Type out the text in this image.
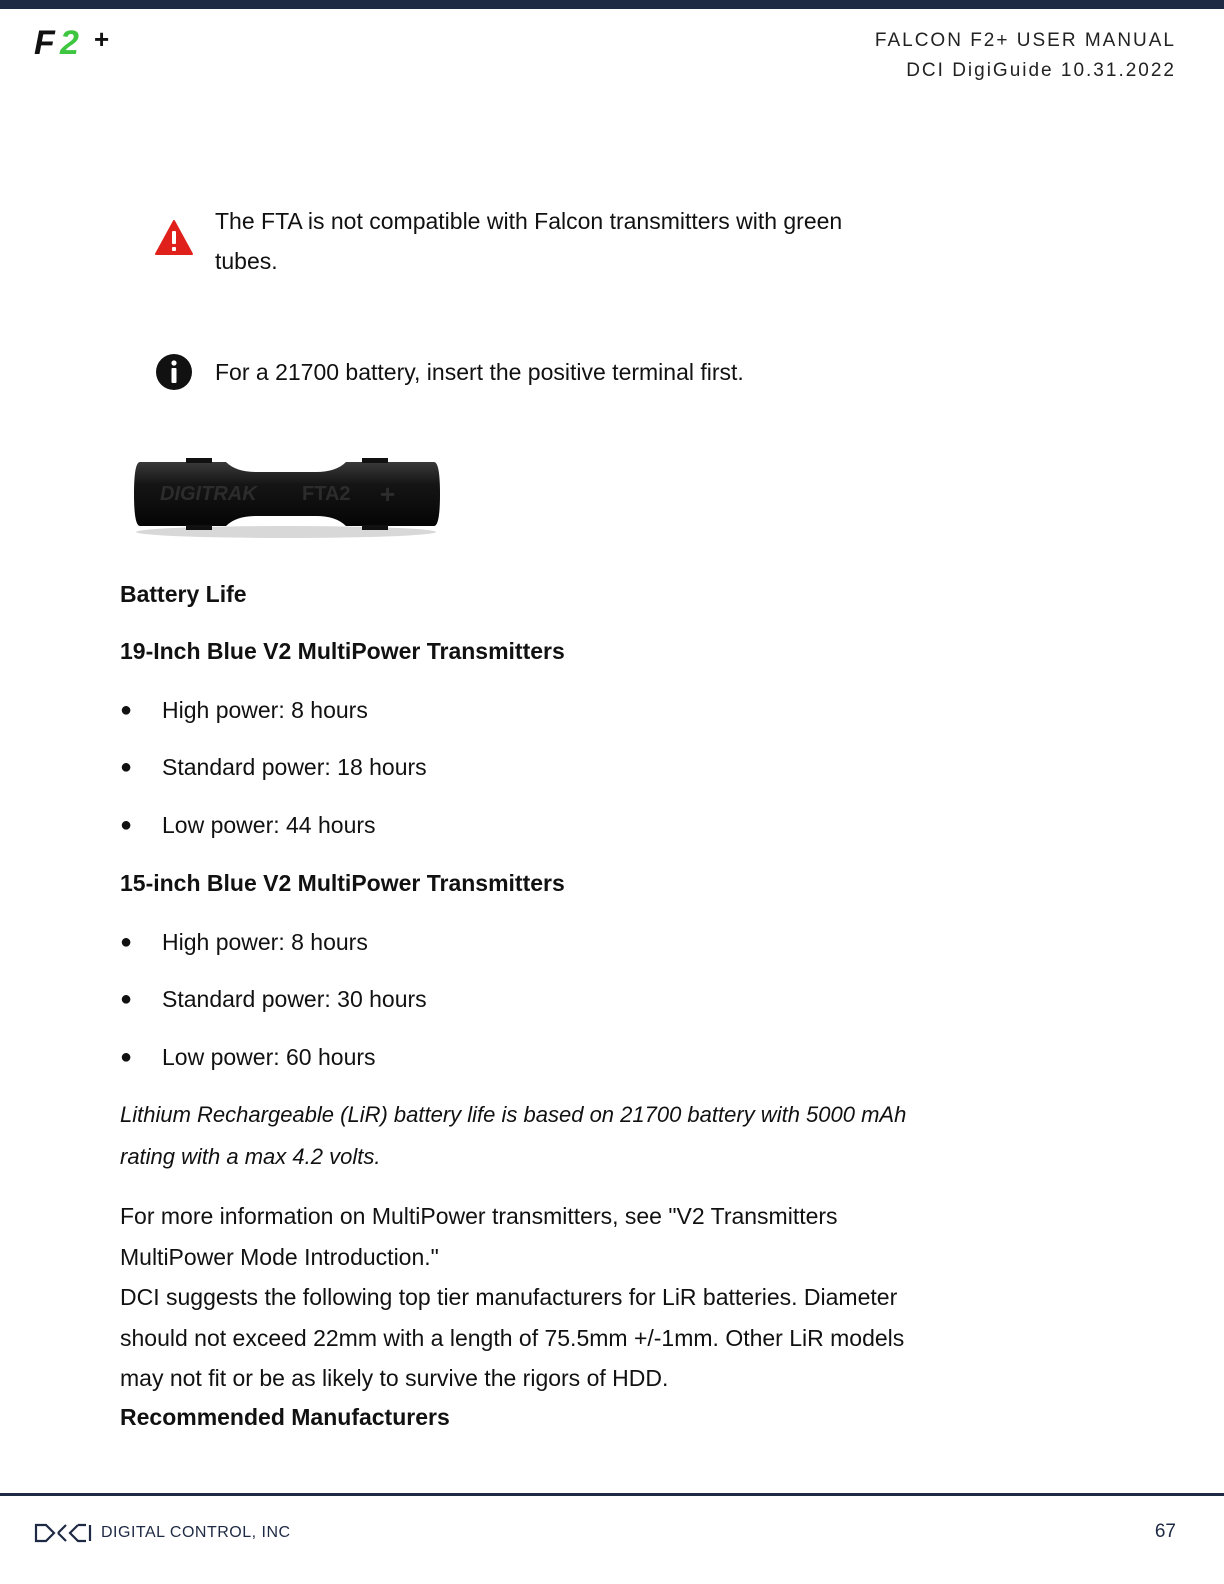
F 2 +	FALCON F2+ USER MANUAL
DCI DigiGuide 10.31.2022
The FTA is not compatible with Falcon transmitters with green tubes.
For a 21700 battery, insert the positive terminal first.
DIGITRAK FTA2 +
Battery Life
19-Inch Blue V2 MultiPower Transmitters
● High power: 8 hours
● Standard power: 18 hours
● Low power: 44 hours
15-inch Blue V2 MultiPower Transmitters
● High power: 8 hours
● Standard power: 30 hours
● Low power: 60 hours
Lithium Rechargeable (LiR) battery life is based on 21700 battery with 5000 mAh rating with a max 4.2 volts.
For more information on MultiPower transmitters, see "V2 Transmitters MultiPower Mode Introduction."
DCI suggests the following top tier manufacturers for LiR batteries. Diameter should not exceed 22mm with a length of 75.5mm +/-1mm. Other LiR models may not fit or be as likely to survive the rigors of HDD.
Recommended Manufacturers
DIGITAL CONTROL, INC	67
